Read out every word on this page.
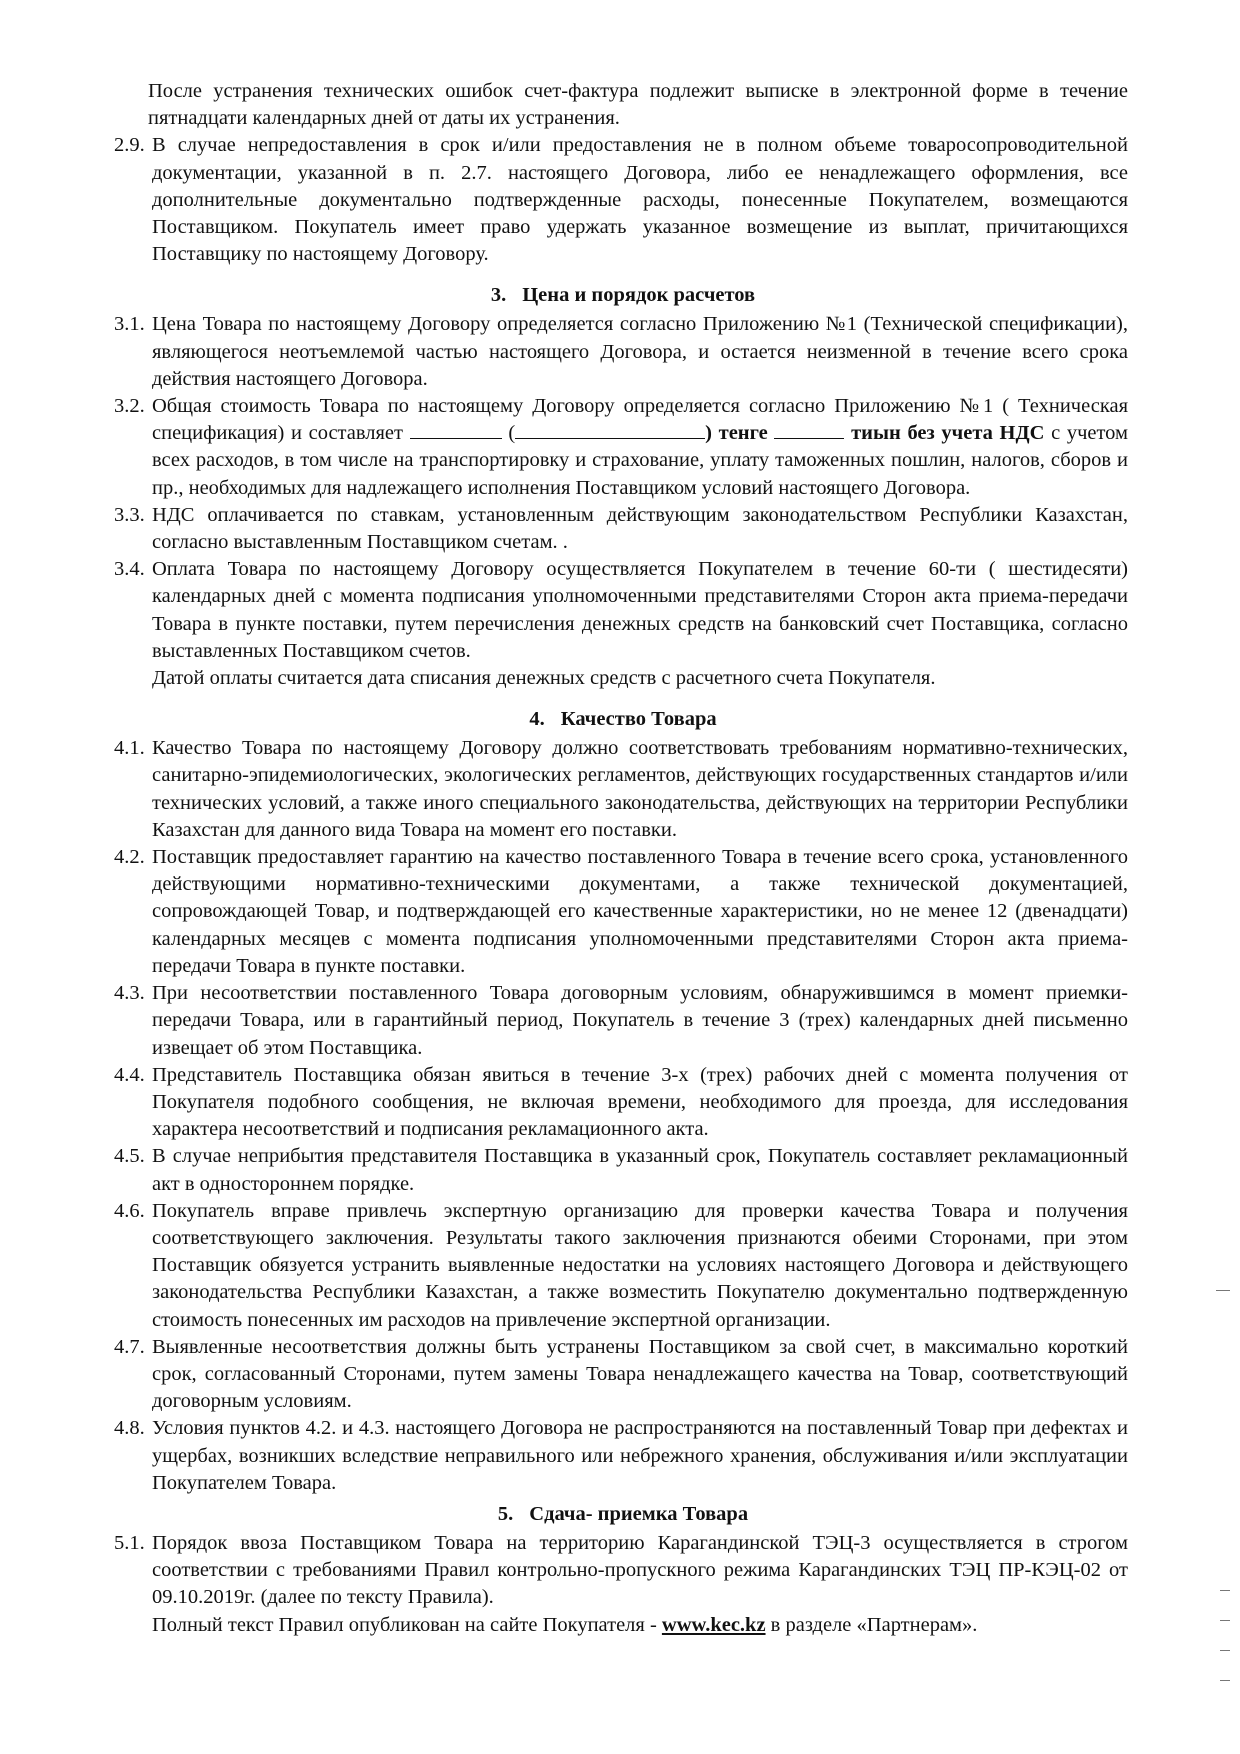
После устранения технических ошибок счет-фактура подлежит выписке в электронной форме в течение пятнадцати календарных дней от даты их устранения.

2.9. В случае непредоставления в срок и/или предоставления не в полном объеме товаросопроводительной документации, указанной в п. 2.7. настоящего Договора, либо ее ненадлежащего оформления, все дополнительные документально подтвержденные расходы, понесенные Покупателем, возмещаются Поставщиком. Покупатель имеет право удержать указанное возмещение из выплат, причитающихся Поставщику по настоящему Договору.
3. Цена и порядок расчетов
3.1. Цена Товара по настоящему Договору определяется согласно Приложению №1 (Технической спецификации), являющегося неотъемлемой частью настоящего Договора, и остается неизменной в течение всего срока действия настоящего Договора.
3.2. Общая стоимость Товара по настоящему Договору определяется согласно Приложению №1 ( Техническая спецификация) и составляет	(	) тенге	тиын без учета НДС с учетом всех расходов, в том числе на транспортировку и страхование, уплату таможенных пошлин, налогов, сборов и пр., необходимых для надлежащего исполнения Поставщиком условий настоящего Договора.
3.3. НДС оплачивается по ставкам, установленным действующим законодательством Республики Казахстан, согласно выставленным Поставщиком счетам. .
3.4. Оплата Товара по настоящему Договору осуществляется Покупателем в течение 60-ти ( шестидесяти) календарных дней с момента подписания уполномоченными представителями Сторон акта приема-передачи Товара в пункте поставки, путем перечисления денежных средств на банковский счет Поставщика, согласно выставленных Поставщиком счетов.

Датой оплаты считается дата списания денежных средств с расчетного счета Покупателя.

4. Качество Товара
4.1. Качество Товара по настоящему Договору должно соответствовать требованиям нормативно-технических, санитарно-эпидемиологических, экологических регламентов, действующих государственных стандартов и/или технических условий, а также иного специального законодательства, действующих на территории Республики Казахстан для данного вида Товара на момент его поставки.
4.2. Поставщик предоставляет гарантию на качество поставленного Товара в течение всего срока, установленного действующими нормативно-техническими документами, а также технической документацией, сопровождающей Товар, и подтверждающей его качественные характеристики, но не менее 12 (двенадцати) календарных месяцев с момента подписания уполномоченными представителями Сторон акта приема-передачи Товара в пункте поставки.
4.3. При несоответствии поставленного Товара договорным условиям, обнаружившимся в момент приемки-передачи Товара, или в гарантийный период, Покупатель в течение 3 (трех) календарных дней письменно извещает об этом Поставщика.
4.4. Представитель Поставщика обязан явиться в течение 3-х (трех) рабочих дней с момента получения от Покупателя подобного сообщения, не включая времени, необходимого для проезда, для исследования характера несоответствий и подписания рекламационного акта.
4.5. В случае неприбытия представителя Поставщика в указанный срок, Покупатель составляет рекламационный акт в одностороннем порядке.
4.6. Покупатель вправе привлечь экспертную организацию для проверки качества Товара и получения соответствующего заключения. Результаты такого заключения признаются обеими Сторонами, при этом Поставщик обязуется устранить выявленные недостатки на условиях настоящего Договора и действующего законодательства Республики Казахстан, а также возместить Покупателю документально подтвержденную стоимость понесенных им расходов на привлечение экспертной организации.
4.7. Выявленные несоответствия должны быть устранены Поставщиком за свой счет, в максимально короткий срок, согласованный Сторонами, путем замены Товара ненадлежащего качества на Товар, соответствующий договорным условиям.
4.8. Условия пунктов 4.2. и 4.3. настоящего Договора не распространяются на поставленный Товар при дефектах и ущербах, возникших вследствие неправильного или небрежного хранения, обслуживания и/или эксплуатации Покупателем Товара.
5. Сдача- приемка Товара
5.1. Порядок ввоза Поставщиком Товара на территорию Карагандинской ТЭЦ-3 осуществляется в строгом соответствии с требованиями Правил контрольно-пропускного режима Карагандинских ТЭЦ ПР-КЭЦ-02 от 09.10.2019г. (далее по тексту Правила).

Полный текст Правил опубликован на сайте Покупателя - www.kec.kz в разделе «Партнерам».
